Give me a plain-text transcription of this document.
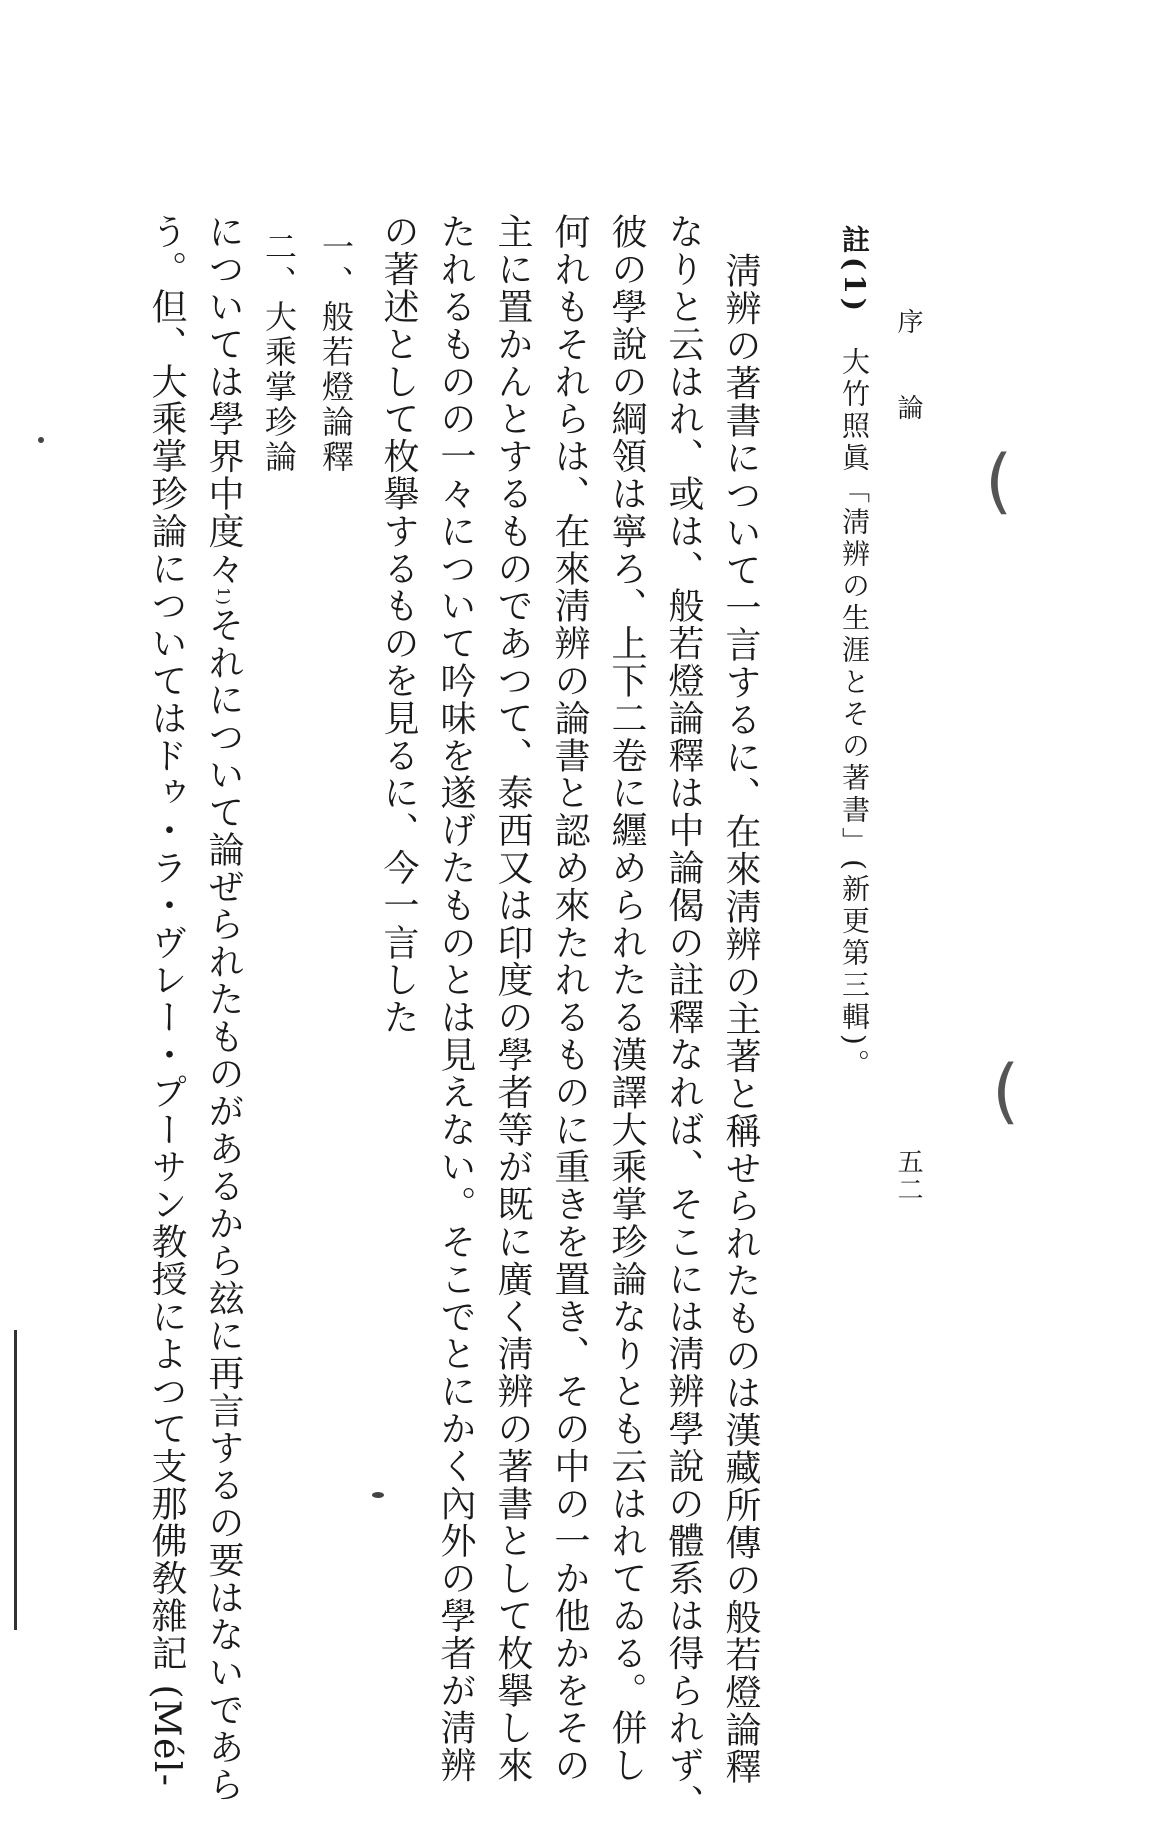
(
(
序論
五二
註(1)　大竹照眞「淸辨の生涯とその著書」(新更第三輯)。
淸辨の著書について一言するに、在來淸辨の主著と稱せられたものは漢藏所傳の般若燈論釋
なりと云はれ、或は、般若燈論釋は中論偈の註釋なれば、そこには淸辨學說の體系は得られず、
彼の學說の綱領は寧ろ、上下二卷に纒められたる漢譯大乘掌珍論なりとも云はれてゐる。併し
何れもそれらは、在來淸辨の論書と認め來たれるものに重きを置き、その中の一か他かをその
主に置かんとするものであつて、泰西又は印度の學者等が既に廣く淸辨の著書として枚擧し來
たれるものの一々について吟味を遂げたものとは見えない。そこでとにかく內外の學者が淸辨
の著述として枚擧するものを見るに、今一言した
一、般若燈論釋
二、大乘掌珍論
については學界中度々1)それについて論ぜられたものがあるから玆に再言するの要はないであら
う。但、大乘掌珍論についてはドゥ・ラ・ヴレー・プーサン教授によつて支那佛敎雜記 (Mél-
